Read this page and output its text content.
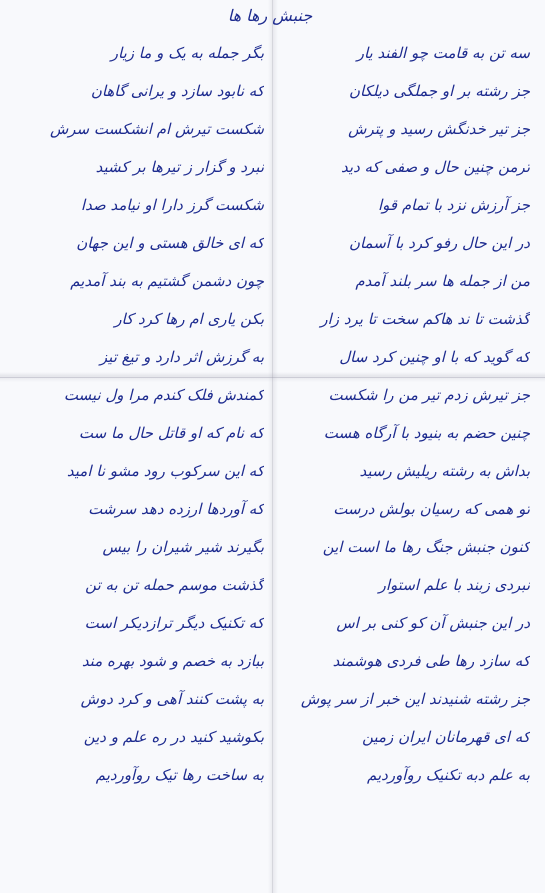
جنبش رها ها
سه تن به قامت چو الفند یار
جز رشته بر او جملگی دیلکان
جز تیر خدنگش رسید و پترش
ترمن چنین حال و صفی که دید
جز آرزش نزد با تمام قوا
در این حال رفو کرد با آسمان
من از جمله ها سر بلند آمدم
گذشت تا ند هاکم سخت تا یرد زار
که گوید که با او چنین کرد سال
جز تیرش زدم تیر من را شکست
چنین حضم به بنیود با آرگاه هست
بداش به رشته ریلیش رسید
تو همی که رسیان بولش درست
کنون جنبش جنگ رها ما است این
نبردی زبند با علم استوار
در این جنبش آن کو کنی بر اس
که سازد رها طی فردی هوشمند
جز رشته شنیدند این خبر از سر پوش
که ای قهرمانان ایران زمین
به علم دبه تکنیک روآوردیم
بگر جمله به یک و ما زیار
که نابود سازد و یرانی گاهان
شکست تیرش ام انشکست سرش
نبرد و گزار ز تیرها بر کشید
شکست گرز دارا او نیامد صدا
که ای خالق هستی و این جهان
چون دشمن گشتیم به بند آمدیم
بکن یاری ام رها کرد کار
به گرزش اثر دارد و تیغ تیز
کمندش فلک کندم مرا ول نیست
که نام که او قاتل حال ما ست
که این سرکوب رود مشو نا امید
که آوردها ارزده دهد سرشت
بگیرند شیر شیران را بیس
گذشت موسم حمله تن به تن
که تکنیک دیگر ترازدیکر است
ببازد به خصم و شود بهره مند
به پشت کنند آهی و کرد دوش
بکوشید کنید در ره علم و دین
به ساخت رها تیک روآوردیم
